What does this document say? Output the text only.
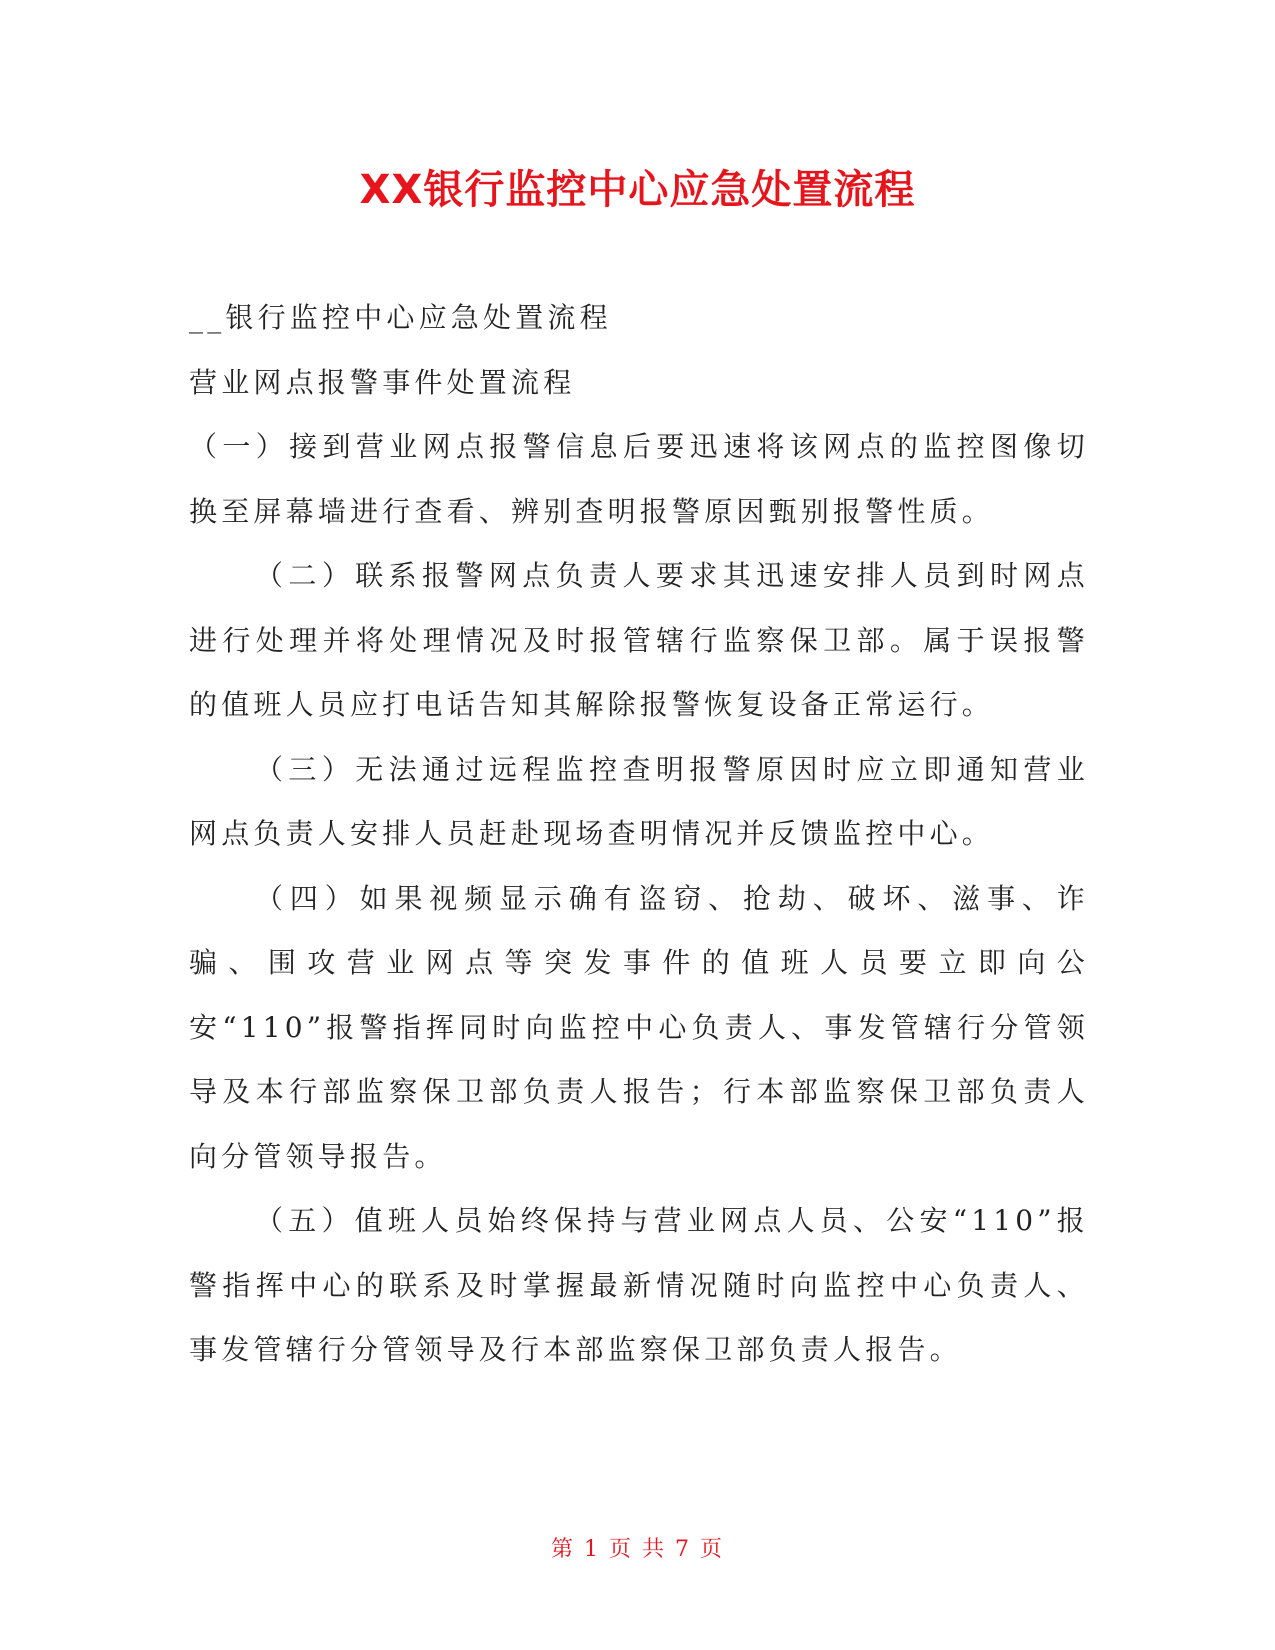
XX银行监控中心应急处置流程

__银行监控中心应急处置流程

营业网点报警事件处置流程

（一）接到营业网点报警信息后要迅速将该网点的监控图像切换至屏幕墙进行查看、辨别查明报警原因甄别报警性质。

（二）联系报警网点负责人要求其迅速安排人员到时网点进行处理并将处理情况及时报管辖行监察保卫部。属于误报警的值班人员应打电话告知其解除报警恢复设备正常运行。

（三）无法通过远程监控查明报警原因时应立即通知营业网点负责人安排人员赶赴现场查明情况并反馈监控中心。

（四）如果视频显示确有盗窃、抢劫、破坏、滋事、诈骗、围攻营业网点等突发事件的值班人员要立即向公安“110”报警指挥同时向监控中心负责人、事发管辖行分管领导及本行部监察保卫部负责人报告；行本部监察保卫部负责人向分管领导报告。

（五）值班人员始终保持与营业网点人员、公安“110”报警指挥中心的联系及时掌握最新情况随时向监控中心负责人、事发管辖行分管领导及行本部监察保卫部负责人报告。

第 1 页 共 7 页
